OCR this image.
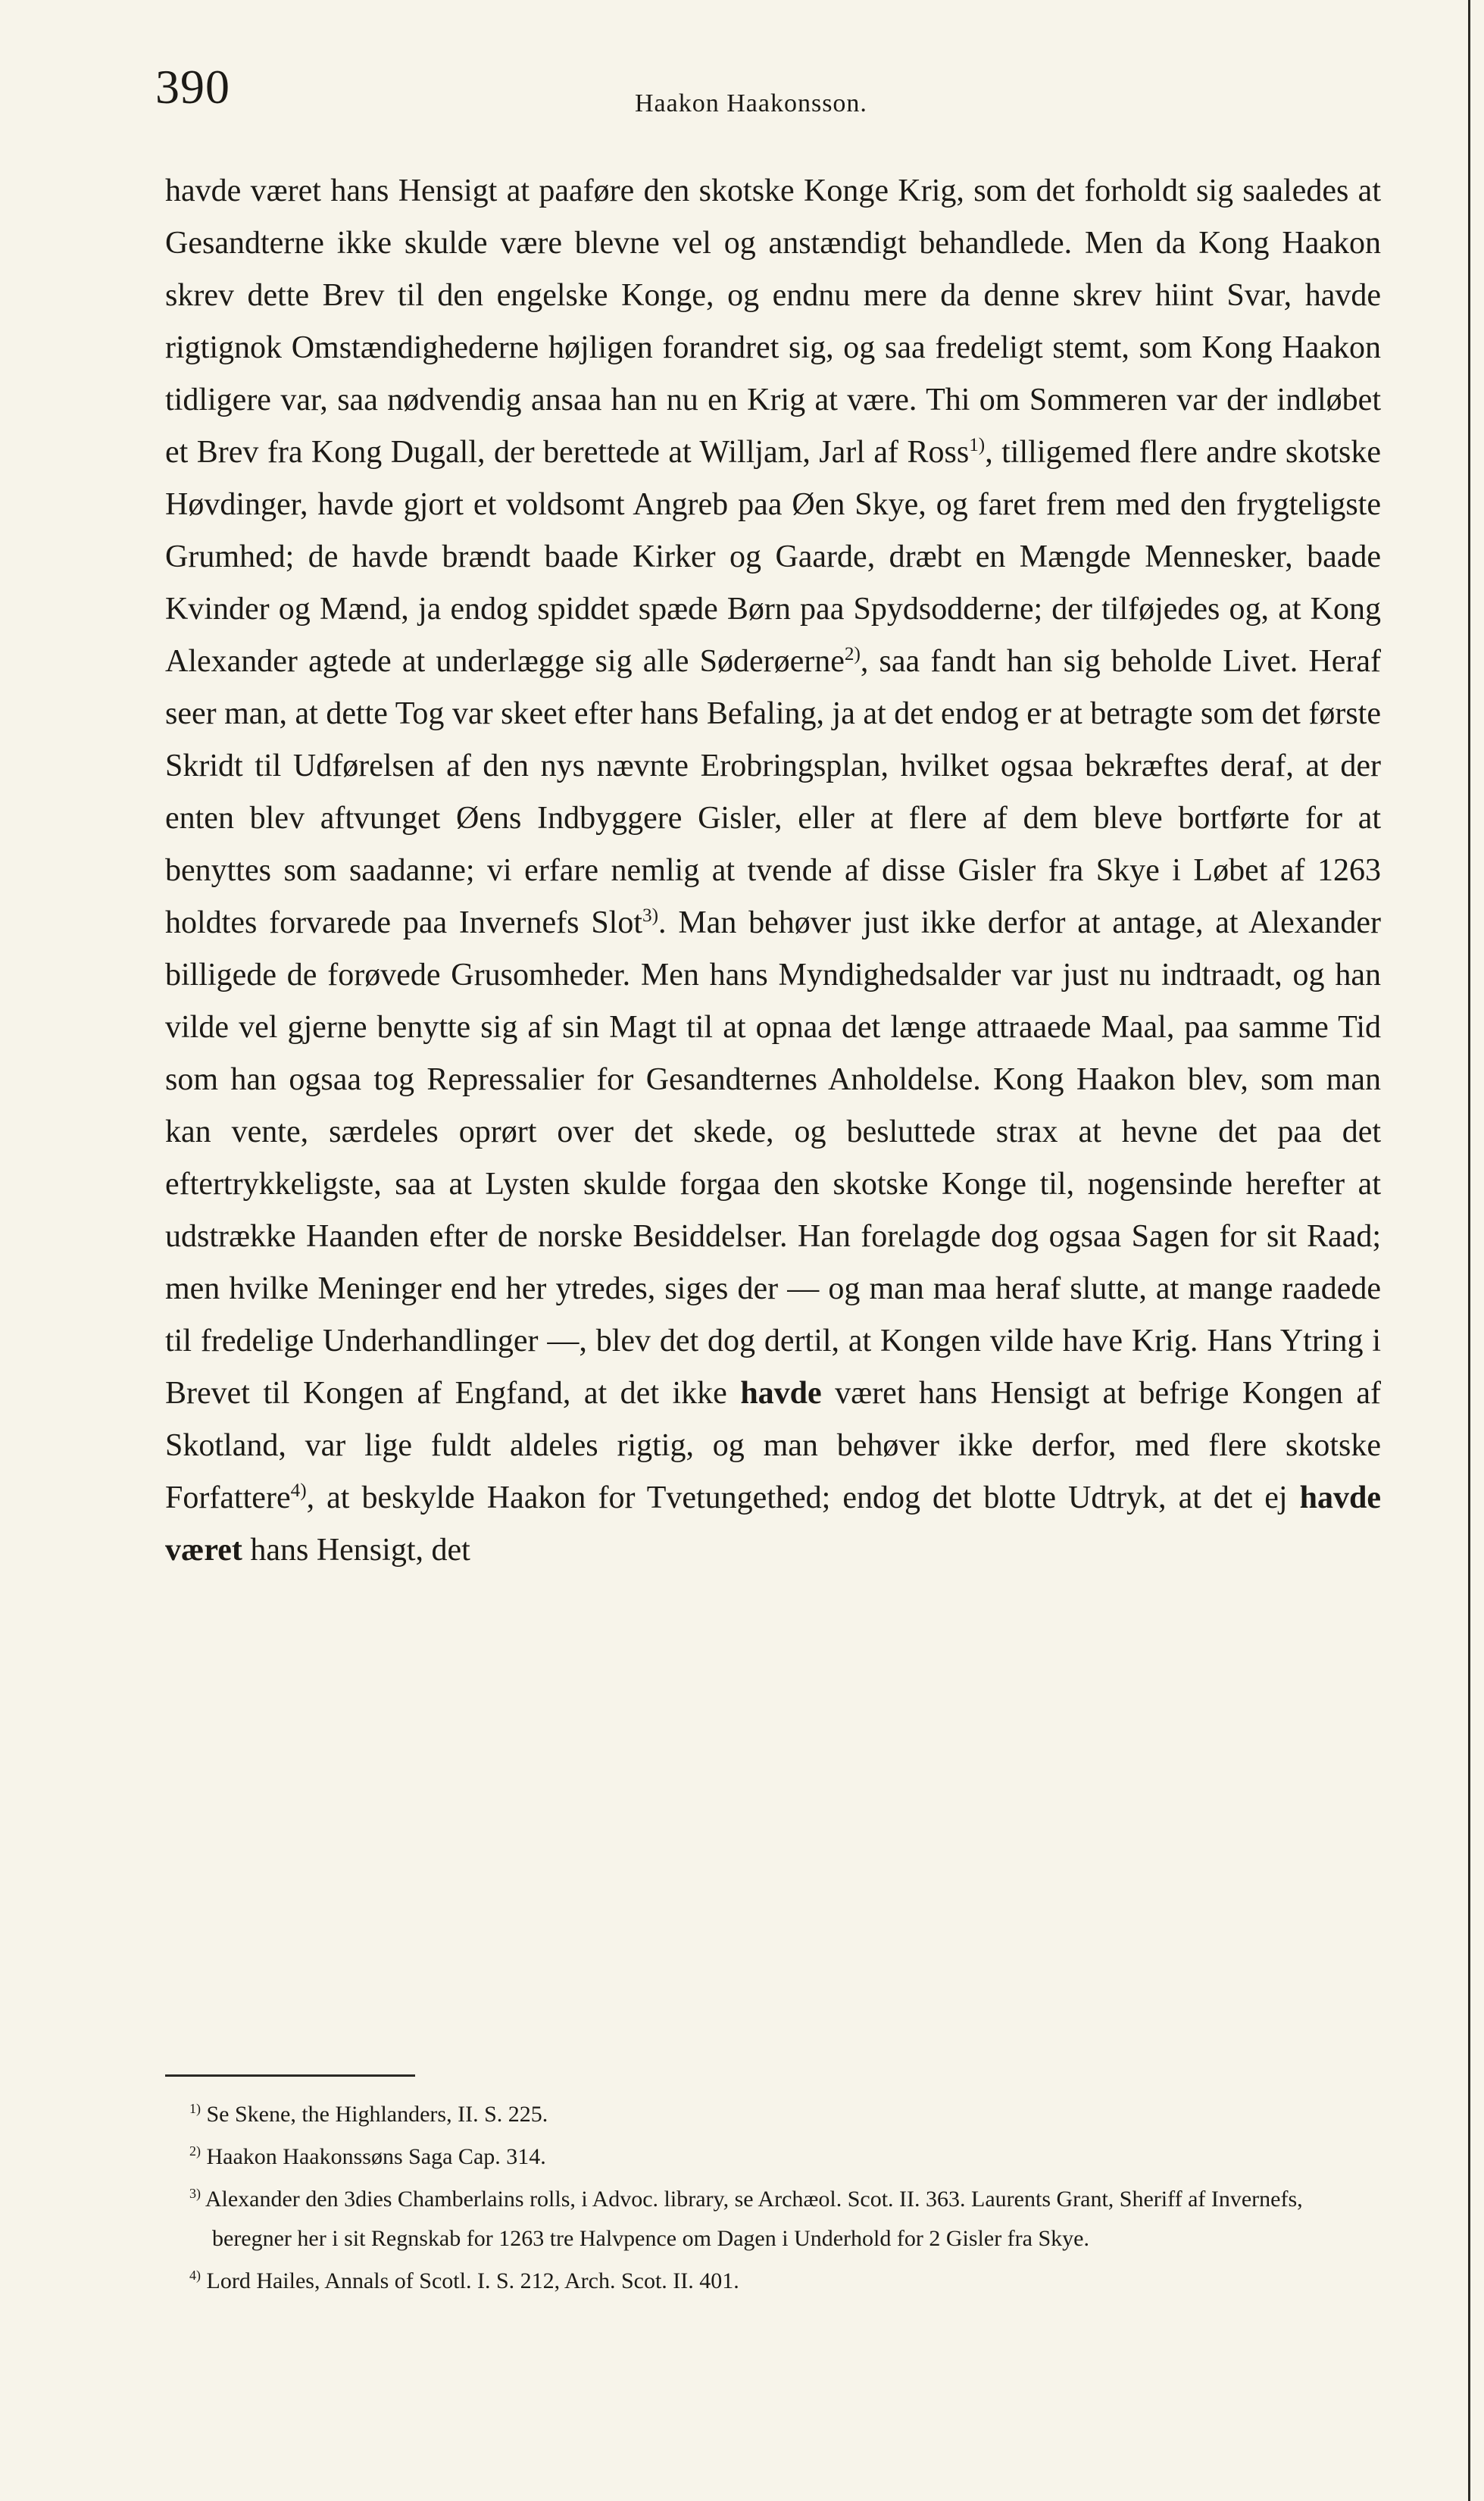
390	Haakon Haakonsson.

havde været hans Hensigt at paaføre den skotske Konge Krig, som det forholdt sig saaledes at Gesandterne ikke skulde være blevne vel og anstændigt behandlede. Men da Kong Haakon skrev dette Brev til den engelske Konge, og endnu mere da denne skrev hiint Svar, havde rigtignok Omstændighederne højligen forandret sig, og saa fredeligt stemt, som Kong Haakon tidligere var, saa nødvendig ansaa han nu en Krig at være. Thi om Sommeren var der indløbet et Brev fra Kong Dugall, der berettede at Willjam, Jarl af Ross$^{1)}$, tilligemed flere andre skotske Høvdinger, havde gjort et voldsomt Angreb paa Øen Skye, og faret frem med den frygteligste Grumhed; de havde brændt baade Kirker og Gaarde, dræbt en Mængde Mennesker, baade Kvinder og Mænd, ja endog spiddet spæde Børn paa Spydsodderne; der tilføjedes og, at Kong Alexander agtede at underlægge sig alle Søderøerne$^{2)}$, saa fandt han sig beholde Livet. Heraf seer man, at dette Tog var skeet efter hans Befaling, ja at det endog er at betragte som det første Skridt til Udførelsen af den nys nævnte Erobringsplan, hvilket ogsaa bekræftes deraf, at der enten blev aftvunget Øens Indbyggere Gisler, eller at flere af dem bleve bortførte for at benyttes som saadanne; vi erfare nemlig at tvende af disse Gisler fra Skye i Løbet af 1263 holdtes forvarede paa Invernefs Slot$^{3)}$. Man behøver just ikke derfor at antage, at Alexander billigede de forøvede Grusomheder. Men hans Myndighedsalder var just nu indtraadt, og han vilde vel gjerne benytte sig af sin Magt til at opnaa det længe attraaede Maal, paa samme Tid som han ogsaa tog Repressalier for Gesandternes Anholdelse. Kong Haakon blev, som man kan vente, særdeles oprørt over det skede, og besluttede strax at hevne det paa det eftertrykkeligste, saa at Lysten skulde forgaa den skotske Konge til, nogensinde herefter at udstrække Haanden efter de norske Besiddelser. Han forelagde dog ogsaa Sagen for sit Raad; men hvilke Meninger end her ytredes, siges der — og man maa heraf slutte, at mange raadede til fredelige Underhandlinger —, blev det dog dertil, at Kongen vilde have Krig. Hans Ytring i Brevet til Kongen af Engfand, at det ikke havde været hans Hensigt at befrige Kongen af Skotland, var lige fuldt aldeles rigtig, og man behøver ikke derfor, med flere skotske Forfattere$^{4)}$, at beskylde Haakon for Tvetungethed; endog det blotte Udtryk, at det ej havde været hans Hensigt, det

$^{1)}$ Se Skene, the Highlanders, II. S. 225.

$^{2)}$ Haakon Haakonssøns Saga Cap. 314.

$^{3)}$ Alexander den 3dies Chamberlains rolls, i Advoc. library, se Archæol. Scot. II. 363. Laurents Grant, Sheriff af Invernefs, beregner her i sit Regnskab for 1263 tre Halvpence om Dagen i Underhold for 2 Gisler fra Skye.

$^{4)}$ Lord Hailes, Annals of Scotl. I. S. 212, Arch. Scot. II. 401.
